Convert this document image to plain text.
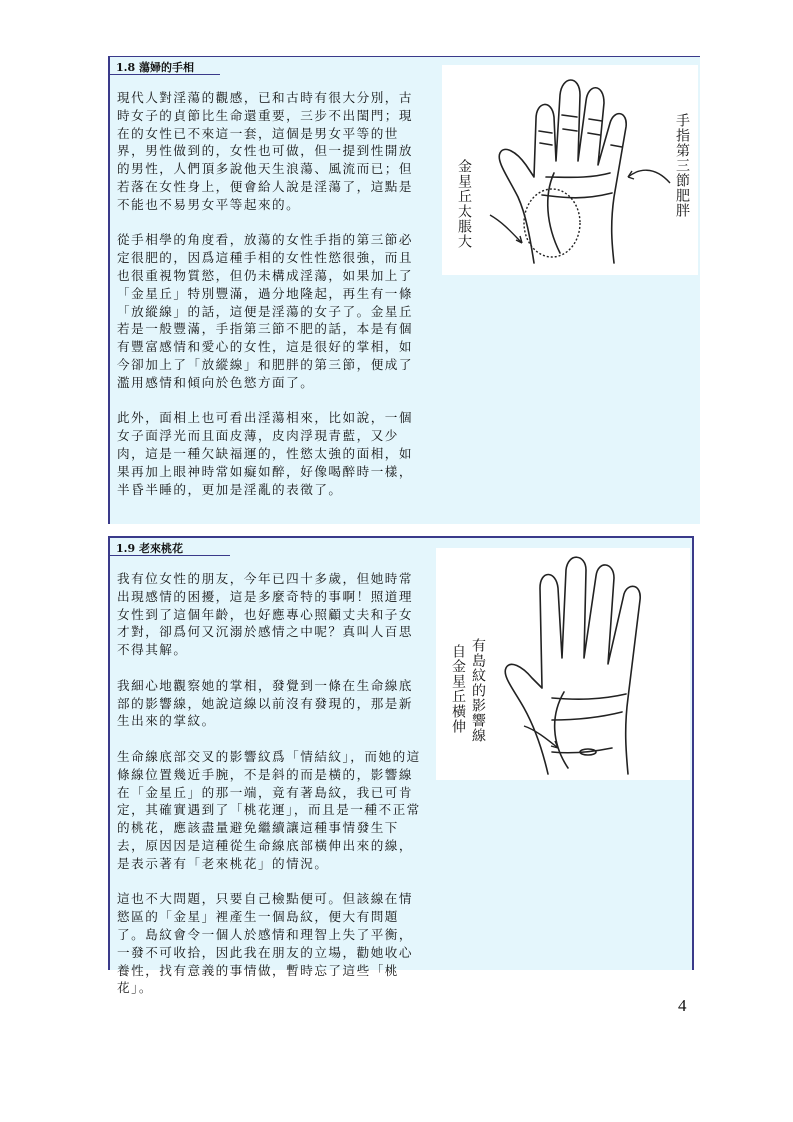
1.8 蕩婦的手相

現代人對淫蕩的觀感，已和古時有很大分別，古時女子的貞節比生命還重要，三步不出閨門；現在的女性已不來這一套，這個是男女平等的世界，男性做到的，女性也可做，但一提到性開放的男性，人們頂多說他天生浪蕩、風流而已；但若落在女性身上，便會給人說是淫蕩了，這點是不能也不易男女平等起來的。

從手相學的角度看，放蕩的女性手指的第三節必定很肥的，因爲這種手相的女性性慾很強，而且也很重視物質慾，但仍未構成淫蕩，如果加上了「金星丘」特別豐滿，過分地隆起，再生有一條「放縱線」的話，這便是淫蕩的女子了。金星丘若是一般豐滿，手指第三節不肥的話，本是有個有豐富感情和愛心的女性，這是很好的掌相，如今卻加上了「放縱線」和肥胖的第三節，便成了濫用感情和傾向於色慾方面了。

此外，面相上也可看出淫蕩相來，比如說，一個女子面浮光而且面皮薄，皮肉浮現青藍，又少肉，這是一種欠缺福運的，性慾太強的面相，如果再加上眼神時常如癡如醉，好像喝醉時一樣，半昏半睡的，更加是淫亂的表徵了。

手指第三節肥胖
金星丘太脹大
1.9 老來桃花

我有位女性的朋友，今年已四十多歲，但她時常出現感情的困擾，這是多麼奇特的事啊！照道理女性到了這個年齡，也好應專心照顧丈夫和子女才對，卻爲何又沉溺於感情之中呢？真叫人百思不得其解。

我細心地觀察她的掌相，發覺到一條在生命線底部的影響線，她說這線以前沒有發現的，那是新生出來的掌紋。

生命線底部交叉的影響紋爲「情結紋」，而她的這條線位置幾近手腕，不是斜的而是橫的，影響線在「金星丘」的那一端，竟有著島紋，我已可肯定，其確實遇到了「桃花運」，而且是一種不正常的桃花，應該盡量避免繼續讓這種事情發生下去，原因因是這種從生命線底部橫伸出來的線，是表示著有「老來桃花」的情況。

這也不大問題，只要自己檢點便可。但該線在情慾區的「金星」裡產生一個島紋，便大有問題了。島紋會令一個人於感情和理智上失了平衡，一發不可收拾，因此我在朋友的立場，勸她收心養性，找有意義的事情做，暫時忘了這些「桃花」。

有島紋的影響線
自金星丘橫伸
4
